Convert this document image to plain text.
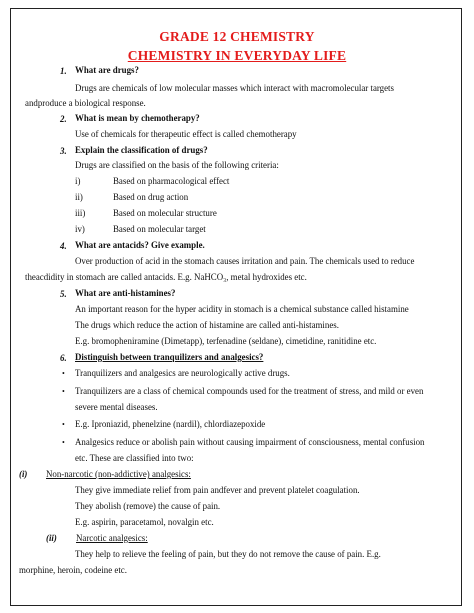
GRADE 12 CHEMISTRY
CHEMISTRY IN EVERYDAY LIFE
1. What are drugs?
Drugs are chemicals of low molecular masses which interact with macromolecular targets
andproduce a biological response.
2. What is mean by chemotherapy?
Use of chemicals for therapeutic effect is called chemotherapy
3. Explain the classification of drugs?
Drugs are classified on the basis of the following criteria:
i)	Based on pharmacological effect
ii)	Based on drug action
iii)	Based on molecular structure
iv)	Based on molecular target
4. What are antacids? Give example.
Over production of acid in the stomach causes irritation and pain. The chemicals used to reduce
theacdidity in stomach are called antacids. E.g. NaHCO₃, metal hydroxides etc.
5. What are anti-histamines?
An important reason for the hyper acidity in stomach is a chemical substance called histamine
The drugs which reduce the action of histamine are called anti-histamines.
E.g. bromopheniramine (Dimetapp), terfenadine (seldane), cimetidine, ranitidine etc.
6. Distinguish between tranquilizers and analgesics?
• Tranquilizers and analgesics are neurologically active drugs.
• Tranquilizers are a class of chemical compounds used for the treatment of stress, and mild or even
severe mental diseases.
• E.g. Iproniazid, phenelzine (nardil), chlordiazepoxide
• Analgesics reduce or abolish pain without causing impairment of consciousness, mental confusion
etc. These are classified into two:
(i) Non-narcotic (non-addictive) analgesics:
They give immediate relief from pain andfever and prevent platelet coagulation.
They abolish (remove) the cause of pain.
E.g. aspirin, paracetamol, novalgin etc.
(ii) Narcotic analgesics:
They help to relieve the feeling of pain, but they do not remove the cause of pain. E.g.
morphine, heroin, codeine etc.
